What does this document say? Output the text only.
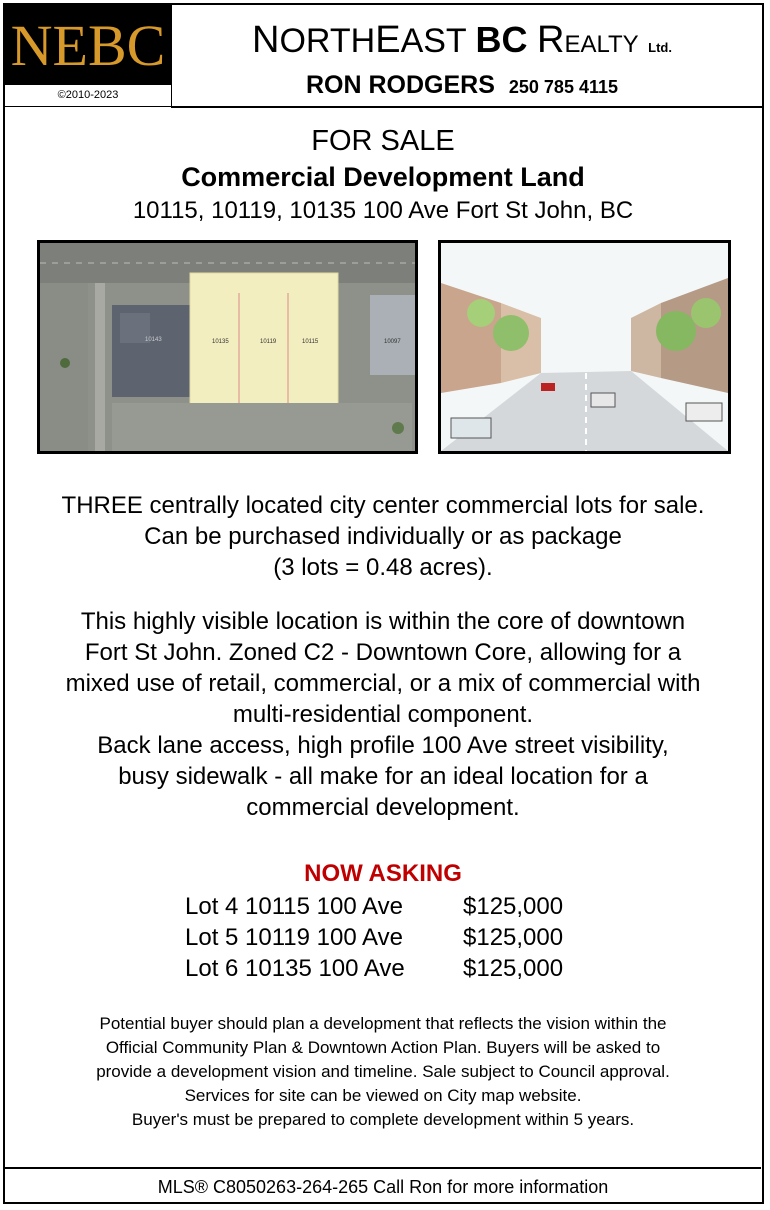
NEBC
©2010-2023
NORTHEAST BC REALTY Ltd.
RON RODGERS 250 785 4115
FOR SALE
Commercial Development Land
10115, 10119, 10135 100 Ave Fort St John, BC
10135	10119	10115	10097
10143
THREE centrally located city center commercial lots for sale.
Can be purchased individually or as package
(3 lots = 0.48 acres).
This highly visible location is within the core of downtown
Fort St John. Zoned C2 - Downtown Core, allowing for a
mixed use of retail, commercial, or a mix of commercial with
multi-residential component.
Back lane access, high profile 100 Ave street visibility,
busy sidewalk - all make for an ideal location for a
commercial development.
NOW ASKING
Lot 4 10115 100 Ave	$125,000
Lot 5 10119 100 Ave	$125,000
Lot 6 10135 100 Ave	$125,000
Potential buyer should plan a development that reflects the vision within the
Official Community Plan & Downtown Action Plan. Buyers will be asked to
provide a development vision and timeline. Sale subject to Council approval.
Services for site can be viewed on City map website.
Buyer's must be prepared to complete development within 5 years.
MLS® C8050263-264-265 Call Ron for more information
